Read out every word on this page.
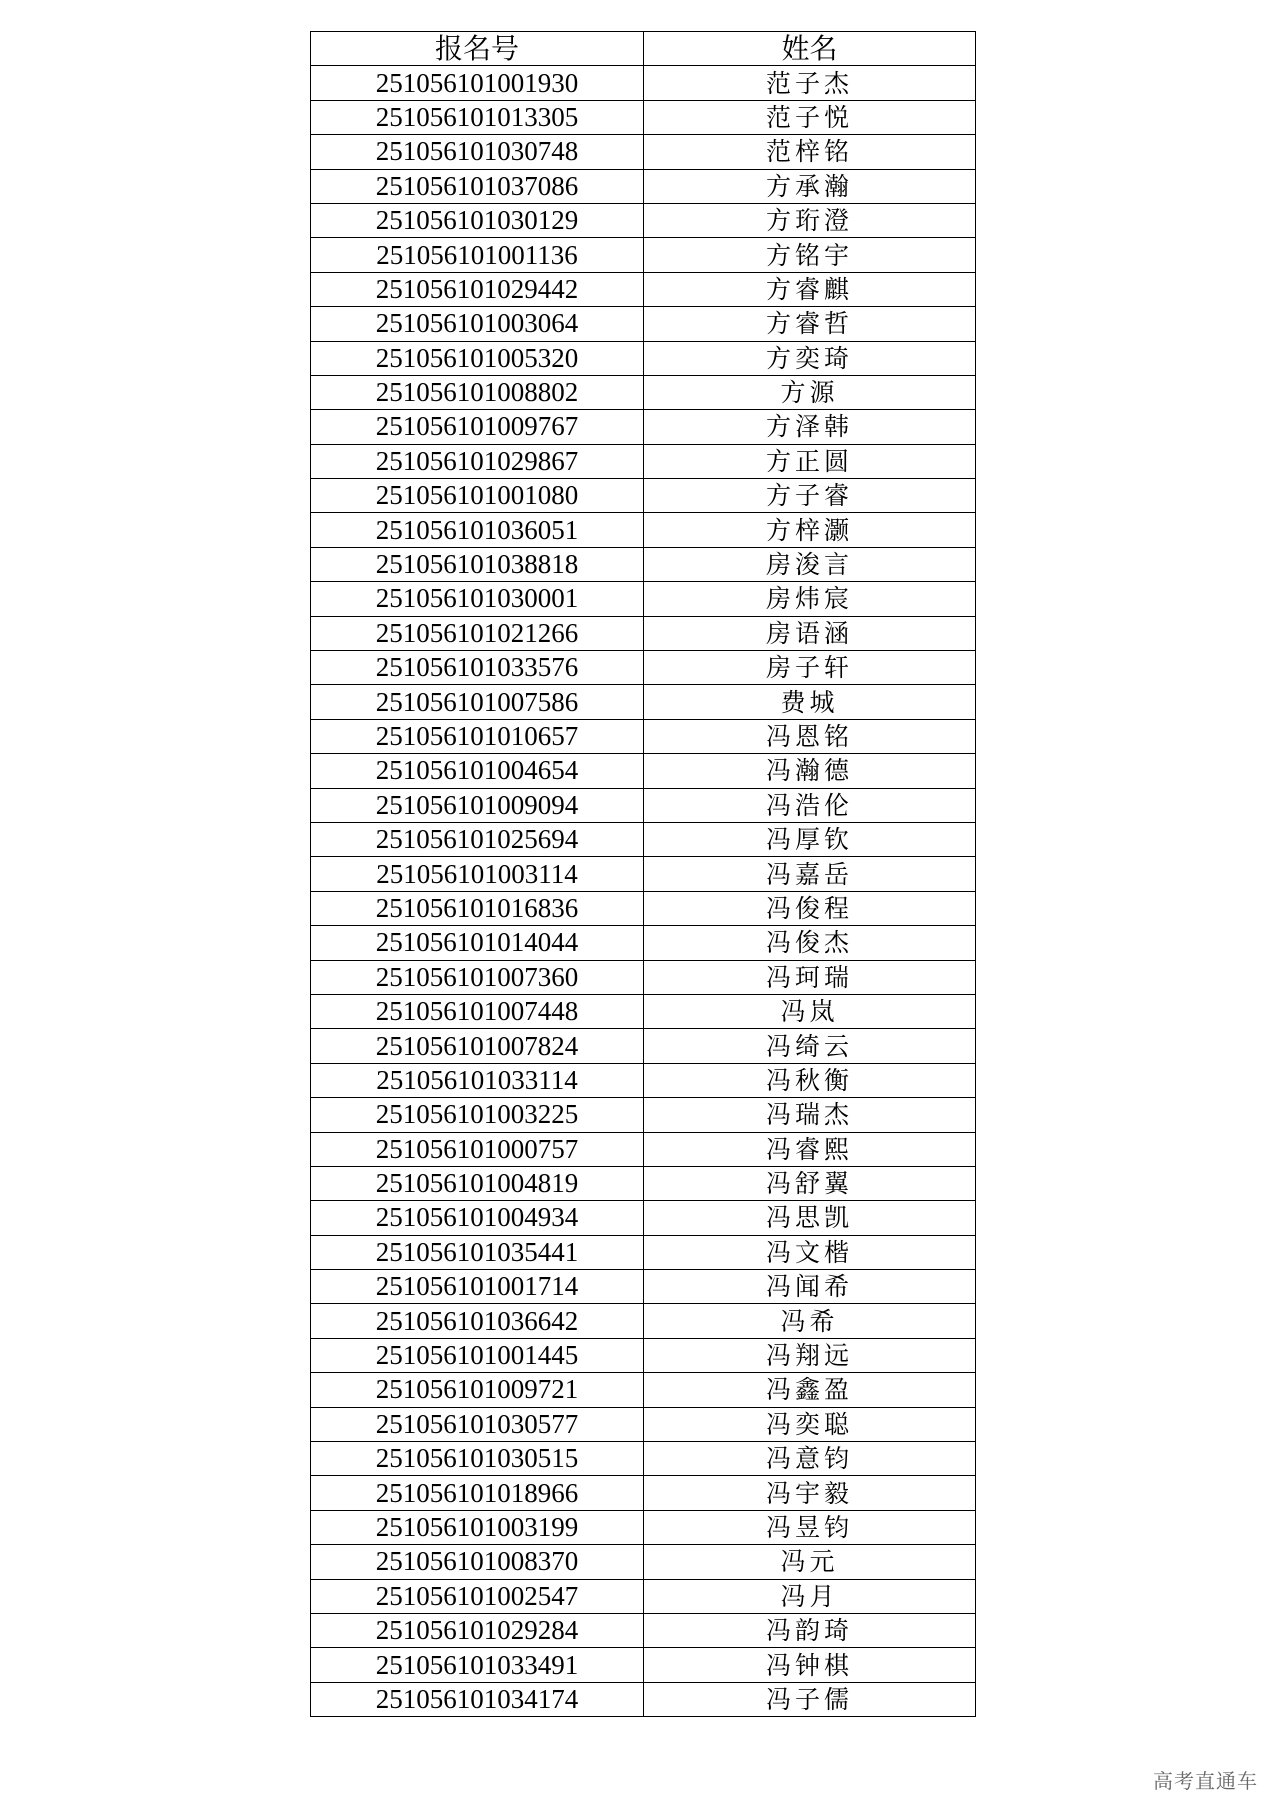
报名号	姓名
251056101001930	范子杰
251056101013305	范子悦
251056101030748	范梓铭
251056101037086	方承瀚
251056101030129	方珩澄
251056101001136	方铭宇
251056101029442	方睿麒
251056101003064	方睿哲
251056101005320	方奕琦
251056101008802	方源
251056101009767	方泽韩
251056101029867	方正圆
251056101001080	方子睿
251056101036051	方梓灏
251056101038818	房浚言
251056101030001	房炜宸
251056101021266	房语涵
251056101033576	房子轩
251056101007586	费城
251056101010657	冯恩铭
251056101004654	冯瀚德
251056101009094	冯浩伦
251056101025694	冯厚钦
251056101003114	冯嘉岳
251056101016836	冯俊程
251056101014044	冯俊杰
251056101007360	冯珂瑞
251056101007448	冯岚
251056101007824	冯绮云
251056101033114	冯秋衡
251056101003225	冯瑞杰
251056101000757	冯睿熙
251056101004819	冯舒翼
251056101004934	冯思凯
251056101035441	冯文楷
251056101001714	冯闻希
251056101036642	冯希
251056101001445	冯翔远
251056101009721	冯鑫盈
251056101030577	冯奕聪
251056101030515	冯意钧
251056101018966	冯宇毅
251056101003199	冯昱钧
251056101008370	冯元
251056101002547	冯月
251056101029284	冯韵琦
251056101033491	冯钟棋
251056101034174	冯子儒
高考直通车
